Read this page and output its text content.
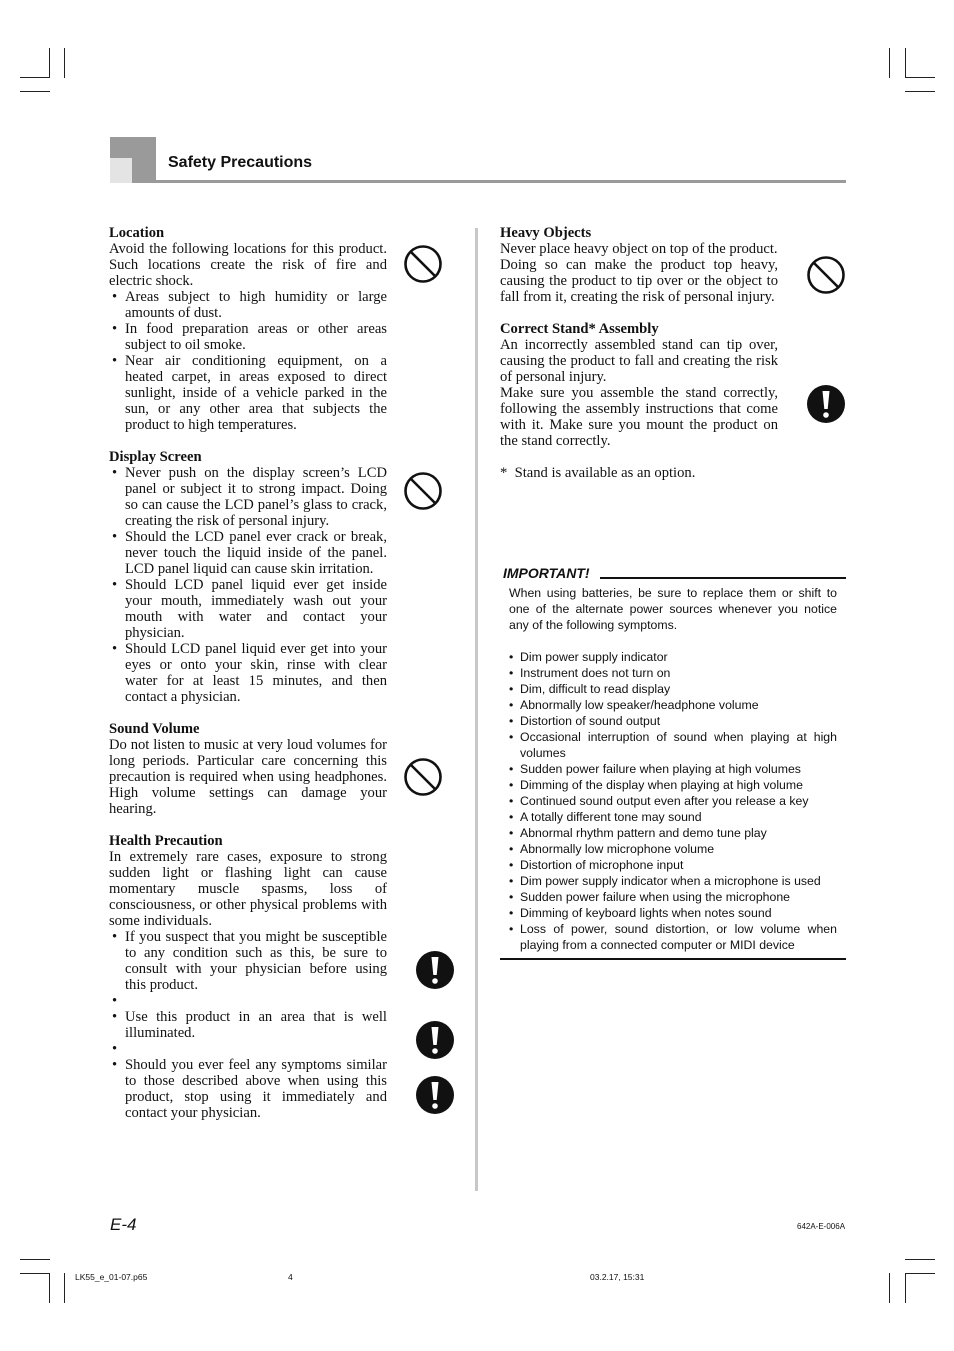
Safety Precautions
Location
Avoid the following locations for this product. Such locations create the risk of fire and electric shock.
• Areas subject to high humidity or large amounts of dust.
• In food preparation areas or other areas subject to oil smoke.
• Near air conditioning equipment, on a heated carpet, in areas exposed to direct sunlight, inside of a vehicle parked in the sun, or any other area that subjects the product to high temperatures.
Display Screen
• Never push on the display screen’s LCD panel or subject it to strong impact. Doing so can cause the LCD panel’s glass to crack, creating the risk of personal injury.
• Should the LCD panel ever crack or break, never touch the liquid inside of the panel. LCD panel liquid can cause skin irritation.
• Should LCD panel liquid ever get inside your mouth, immediately wash out your mouth with water and contact your physician.
• Should LCD panel liquid ever get into your eyes or onto your skin, rinse with clear water for at least 15 minutes, and then contact a physician.
Sound Volume
Do not listen to music at very loud volumes for long periods. Particular care concerning this precaution is required when using headphones. High volume settings can damage your hearing.
Health Precaution
In extremely rare cases, exposure to strong sudden light or flashing light can cause momentary muscle spasms, loss of consciousness, or other physical problems with some individuals.
• If you suspect that you might be susceptible to any condition such as this, be sure to consult with your physician before using this product.
•
• Use this product in an area that is well illuminated.
•
• Should you ever feel any symptoms similar to those described above when using this product, stop using it immediately and contact your physician.
Heavy Objects
Never place heavy object on top of the product.
Doing so can make the product top heavy, causing the product to tip over or the object to fall from it, creating the risk of personal injury.
Correct Stand* Assembly
An incorrectly assembled stand can tip over, causing the product to fall and creating the risk of personal injury.
Make sure you assemble the stand correctly, following the assembly instructions that come with it. Make sure you mount the product on the stand correctly.
*  Stand is available as an option.
IMPORTANT!
When using batteries, be sure to replace them or shift to one of the alternate power sources whenever you notice any of the following symptoms.
• Dim power supply indicator
• Instrument does not turn on
• Dim, difficult to read display
• Abnormally low speaker/headphone volume
• Distortion of sound output
• Occasional interruption of sound when playing at high volumes
• Sudden power failure when playing at high volumes
• Dimming of the display when playing at high volume
• Continued sound output even after you release a key
• A totally different tone may sound
• Abnormal rhythm pattern and demo tune play
• Abnormally low microphone volume
• Distortion of microphone input
• Dim power supply indicator when a microphone is used
• Sudden power failure when using the microphone
• Dimming of keyboard lights when notes sound
• Loss of power, sound distortion, or low volume when playing from a connected computer or MIDI device
E-4	642A-E-006A
LK55_e_01-07.p65	4	03.2.17, 15:31
